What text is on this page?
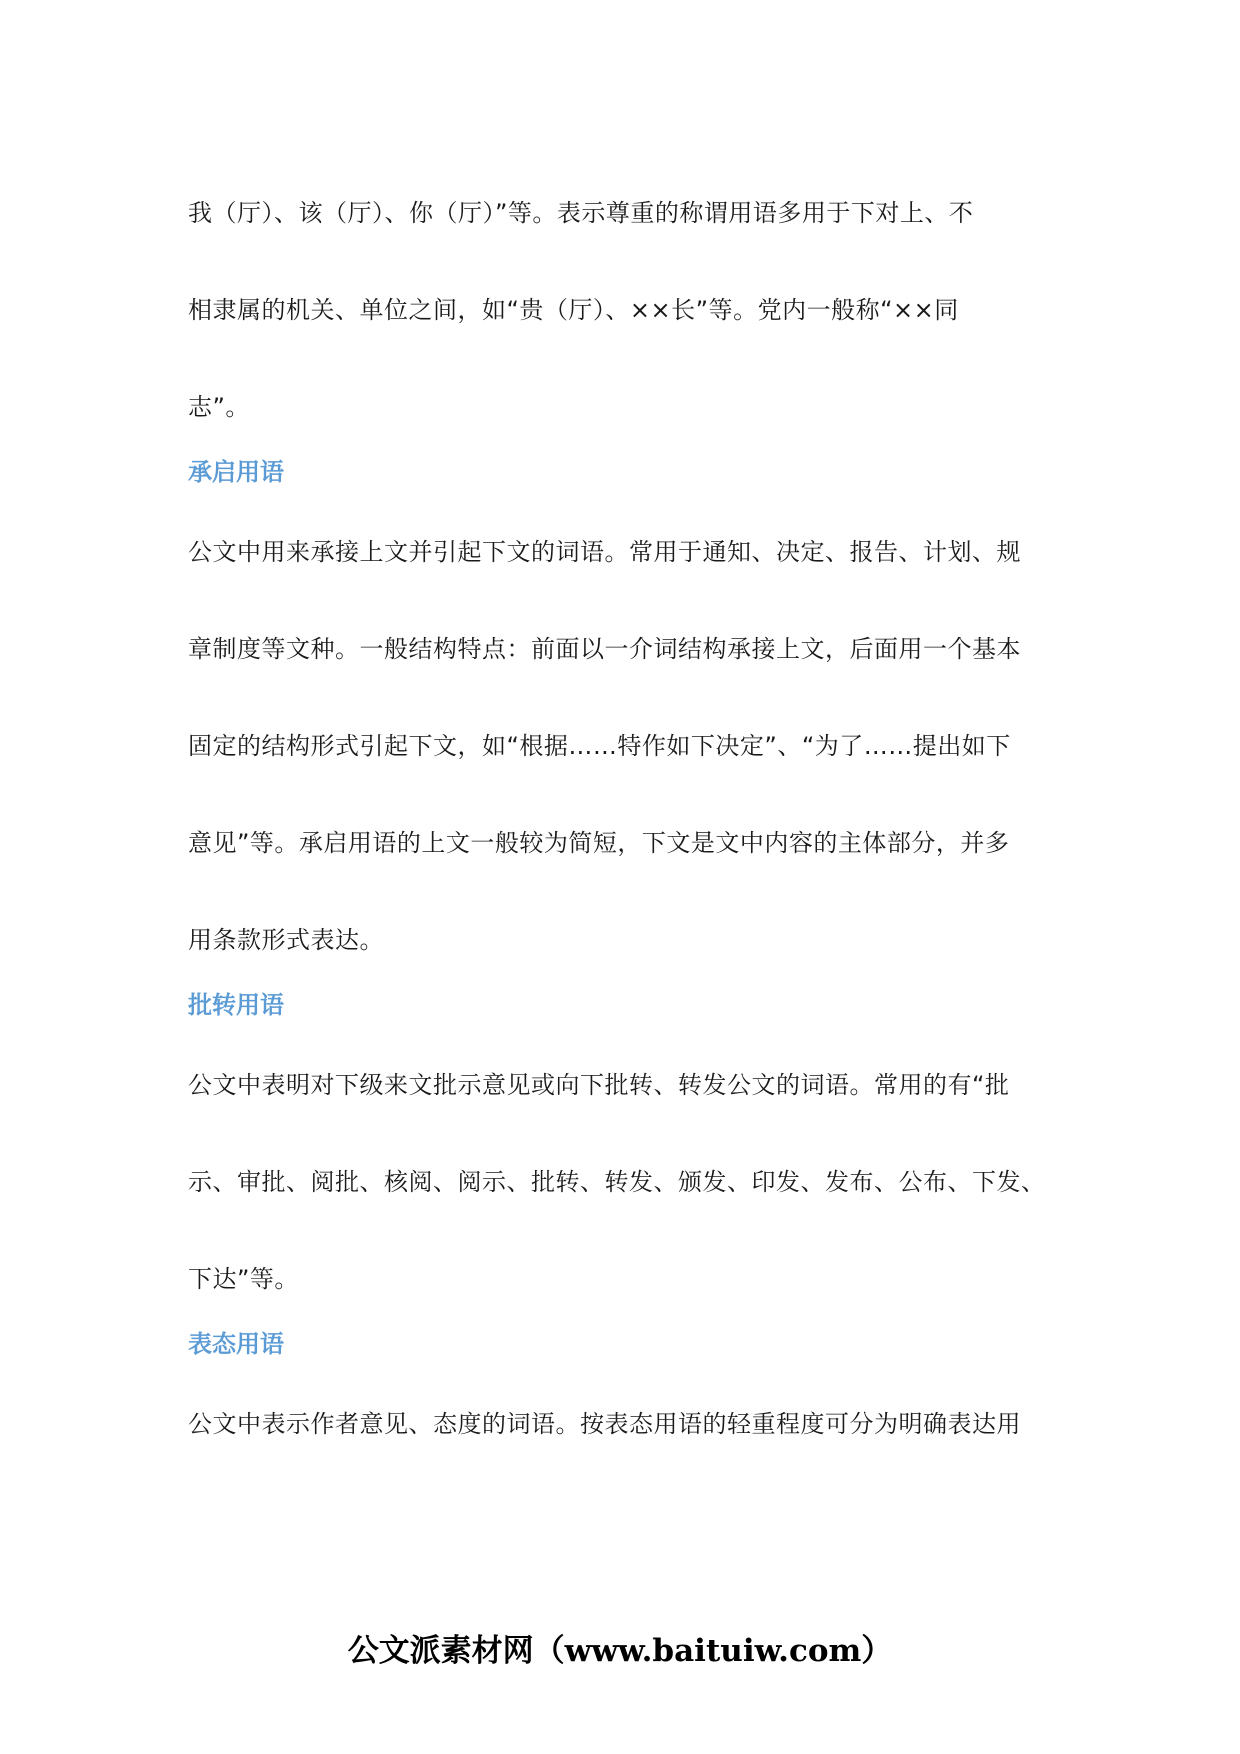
我（厅）、该（厅）、你（厅）”等。表示尊重的称谓用语多用于下对上、不
相隶属的机关、单位之间，如“贵（厅）、××长”等。党内一般称“××同
志”。
承启用语
公文中用来承接上文并引起下文的词语。常用于通知、决定、报告、计划、规
章制度等文种。一般结构特点：前面以一介词结构承接上文，后面用一个基本
固定的结构形式引起下文，如“根据……特作如下决定”、“为了……提出如下
意见”等。承启用语的上文一般较为简短，下文是文中内容的主体部分，并多
用条款形式表达。
批转用语
公文中表明对下级来文批示意见或向下批转、转发公文的词语。常用的有“批
示、审批、阅批、核阅、阅示、批转、转发、颁发、印发、发布、公布、下发、
下达”等。
表态用语
公文中表示作者意见、态度的词语。按表态用语的轻重程度可分为明确表达用
公文派素材网（www.baituiw.com）
